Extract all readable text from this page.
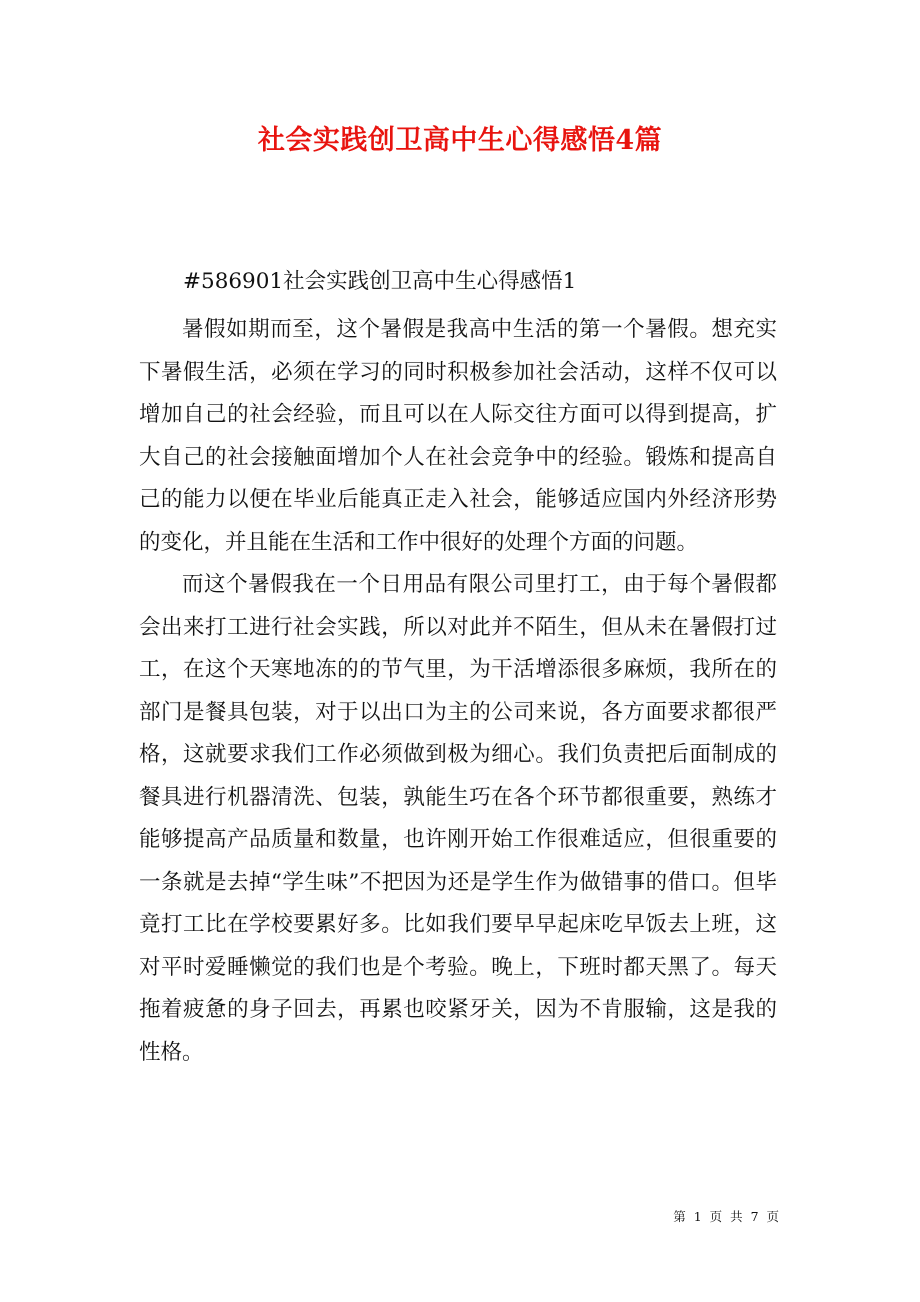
社会实践创卫高中生心得感悟4篇

#586901社会实践创卫高中生心得感悟1

暑假如期而至，这个暑假是我高中生活的第一个暑假。想充实下暑假生活，必须在学习的同时积极参加社会活动，这样不仅可以增加自己的社会经验，而且可以在人际交往方面可以得到提高，扩大自己的社会接触面增加个人在社会竞争中的经验。锻炼和提高自己的能力以便在毕业后能真正走入社会，能够适应国内外经济形势的变化，并且能在生活和工作中很好的处理个方面的问题。

而这个暑假我在一个日用品有限公司里打工，由于每个暑假都会出来打工进行社会实践，所以对此并不陌生，但从未在暑假打过工，在这个天寒地冻的的节气里，为干活增添很多麻烦，我所在的部门是餐具包装，对于以出口为主的公司来说，各方面要求都很严格，这就要求我们工作必须做到极为细心。我们负责把后面制成的餐具进行机器清洗、包装，孰能生巧在各个环节都很重要，熟练才能够提高产品质量和数量，也许刚开始工作很难适应，但很重要的一条就是去掉“学生味”不把因为还是学生作为做错事的借口。但毕竟打工比在学校要累好多。比如我们要早早起床吃早饭去上班，这对平时爱睡懒觉的我们也是个考验。晚上，下班时都天黑了。每天拖着疲惫的身子回去，再累也咬紧牙关，因为不肯服输，这是我的性格。

第 1 页 共 7 页
